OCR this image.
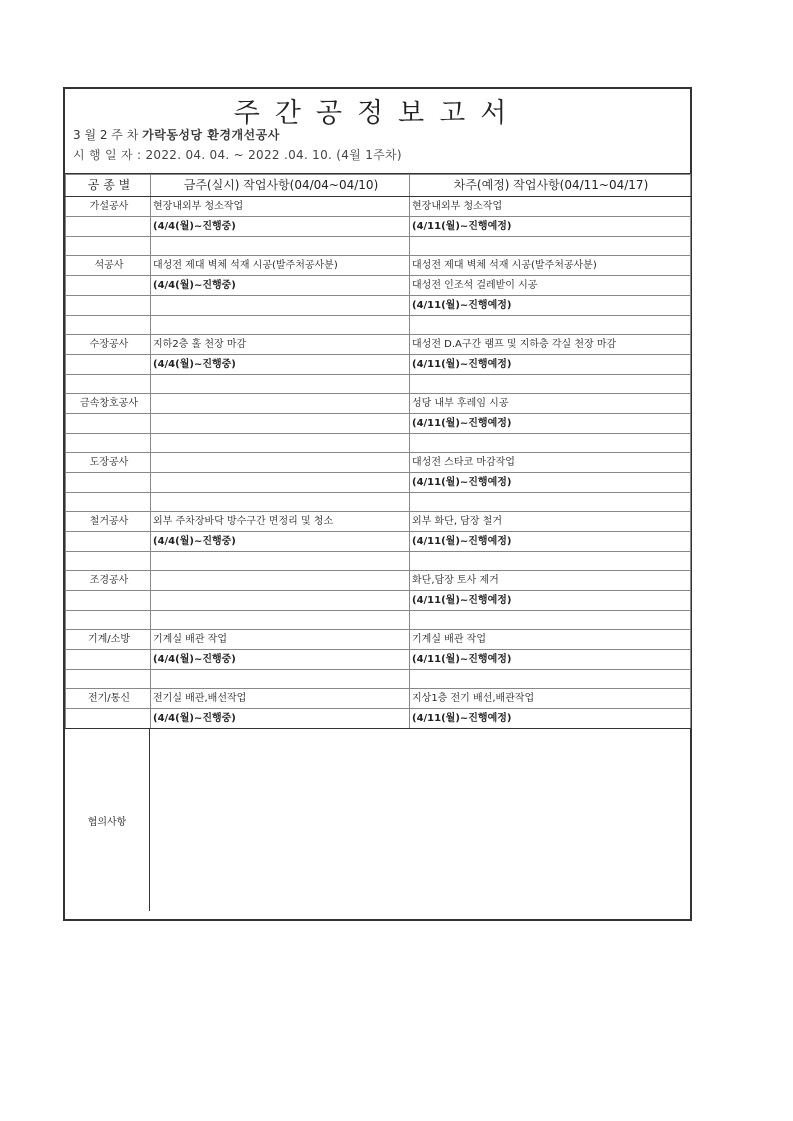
주간공정보고서
3 월 2 주 차 가락동성당 환경개선공사
시 행 일 자 : 2022. 04. 04. ~ 2022 .04. 10. (4월 1주차)
공 종 별	금주(실시) 작업사항(04/04~04/10)	차주(예정) 작업사항(04/11~04/17)
가설공사	현장내외부 청소작업	현장내외부 청소작업
	(4/4(월)~진행중)	(4/11(월)~진행예정)

석공사	대성전 제대 벽체 석재 시공(발주처공사분)	대성전 제대 벽체 석재 시공(발주처공사분)
	(4/4(월)~진행중)	대성전 인조석 걸레받이 시공
		(4/11(월)~진행예정)

수장공사	지하2층 홀 천장 마감	대성전 D.A구간 램프 및 지하층 각실 천장 마감
	(4/4(월)~진행중)	(4/11(월)~진행예정)

금속창호공사		성당 내부 후레임 시공
		(4/11(월)~진행예정)

도장공사		대성전 스타코 마감작업
		(4/11(월)~진행예정)

철거공사	외부 주차장바닥 방수구간 면정리 및 청소	외부 화단, 담장 철거
	(4/4(월)~진행중)	(4/11(월)~진행예정)

조경공사		화단,담장 토사 제거
		(4/11(월)~진행예정)

기계/소방	기계실 배관 작업	기계실 배관 작업
	(4/4(월)~진행중)	(4/11(월)~진행예정)

전기/통신	전기실 배관,배선작업	지상1층 전기 배선,배관작업
	(4/4(월)~진행중)	(4/11(월)~진행예정)
협의사항
